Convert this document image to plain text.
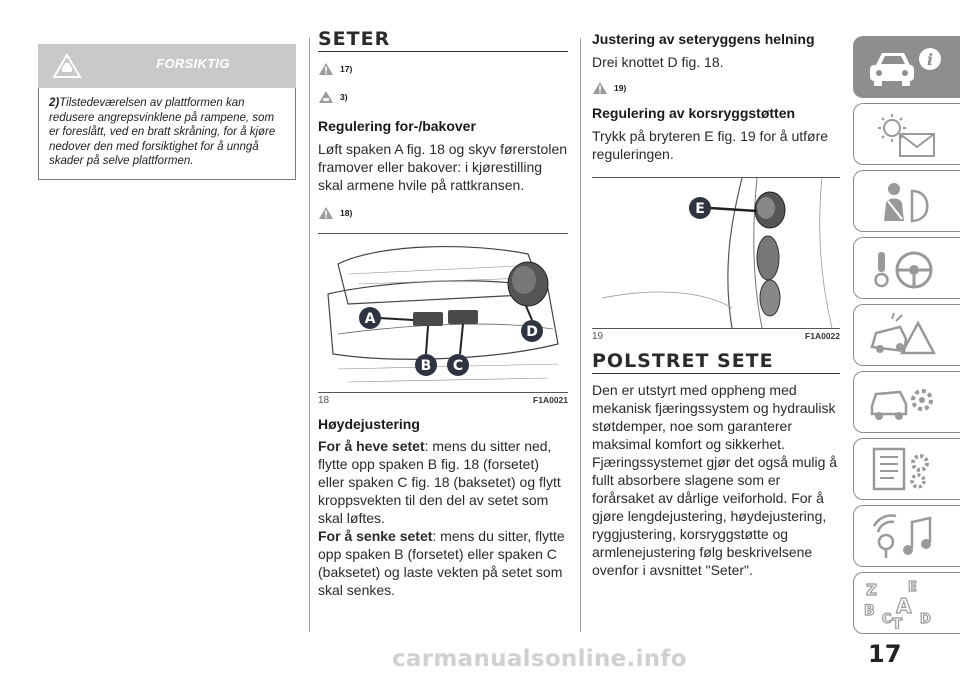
FORSIKTIG
2)Tilstedeværelsen av plattformen kan redusere angrepsvinklene på rampene, som er foreslått, ved en bratt skråning, for å kjøre nedover den med forsiktighet for å unngå skader på selve plattformen.
SETER
17)
3)

Regulering for-/bakover

Løft spaken A fig. 18 og skyv førerstolen framover eller bakover: i kjørestilling skal armene hvile på rattkransen.
18)
A
B C
D
18	F1A0021

Høydejustering

For å heve setet: mens du sitter ned, flytte opp spaken B fig. 18 (forsetet) eller spaken C fig. 18 (baksetet) og flytt kroppsvekten til den del av setet som skal løftes.
For å senke setet: mens du sitter, flytte opp spaken B (forsetet) eller spaken C (baksetet) og laste vekten på setet som skal senkes.

Justering av seteryggens helning

Drei knottet D fig. 18.
19)

Regulering av korsryggstøtten

Trykk på bryteren E fig. 19 for å utføre reguleringen.
E
19	F1A0022
POLSTRET SETE
Den er utstyrt med oppheng med mekanisk fjæringssystem og hydraulisk støtdemper, noe som garanterer maksimal komfort og sikkerhet. Fjæringssystemet gjør det også mulig å fullt absorbere slagene som er forårsaket av dårlige veiforhold. For å gjøre lengdejustering, høydejustering, ryggjustering, korsryggstøtte og armlenejustering følg beskrivelsene ovenfor i avsnittet "Seter".
i
Z E
B A
C T D
17
carmanualsonline.info
